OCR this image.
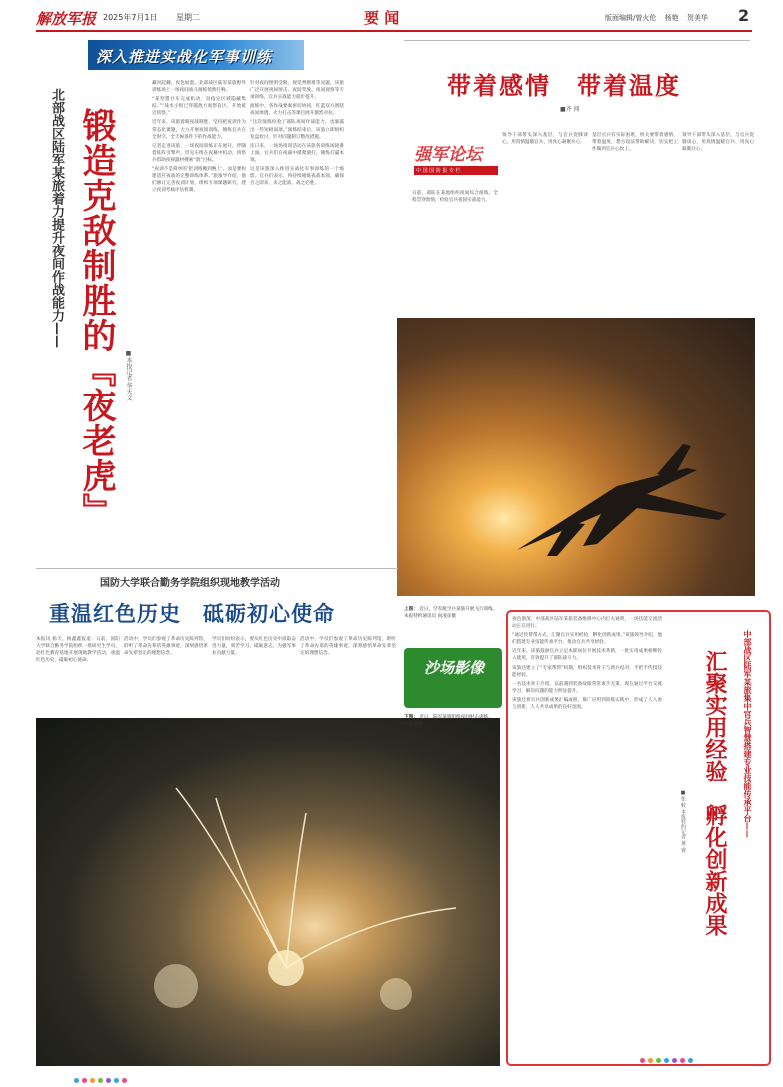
解放军报 2025年7月1日 星期二	要 闻	版面编辑/曾火伦 杨艳 贺美华 2
深入推进实战化军事训练
北部战区陆军某旅着力提升夜间作战能力—— 锻造克敌制胜的『夜老虎』 ■本报记者 华天义

藏风起棘，夜色如墨。北部战区陆军某旅野外训练场上一场夜间战斗演练悄然打响。

“某型猎兵车完成机动，向指定区域隐蔽集结。”“战术小组已穿越敌方观察盲区，开始抵近侦察。”

近年来，该旅着眼夜战制胜，坚持把夜训作为常态化课题，大力开展夜间训练，锤炼官兵在全时空、全天候条件下的作战能力。

记者走进该旅，一场夜间训练正在展开。伴随着阵阵引擎声，坦克车组在夜幕中机动，侦察兵借助夜视器材搜索“敌”目标。

“夜训不是简单的‘把训练搬到晚上’，而是要构建适应夜战的完整训练体系。”旅领导介绍，他们修订完善夜训计划，组织专项课题研究，建立夜训考核评估机制。

针对夜间照明受限、视觉判断难等问题，该旅广泛开展夜间射击、夜间驾驶、夜间观察等专项训练，官兵实战能力稳步提升。

演练中，各作战要素密切协同，红蓝双方围绕夜间渗透、火力打击等课目展开激烈对抗。

“这次演练检验了部队夜间作战能力，也暴露出一些短板弱项。”演练结束后，该旅立即组织复盘检讨，针对问题制订整改措施。

连日来，一场场夜训活动在该旅各训练场轮番上演。官兵们在夜幕中摸爬滚打，锤炼打赢本领。

这是该旅深入推进实战化军事训练的一个缩影。官兵们表示，将持续锤炼夜战本领，确保召之即来、来之能战、战之必胜。

带着感情　带着温度
■齐 闯
强军论坛
中 国 国 防 报 专 栏

日前，部队在某地组织夜间综合演练，全程贯穿敌情，检验官兵夜间实战能力。

领导干部带头深入基层，与官兵促膝谈心，用真情温暖官兵、用真心凝聚兵心。

基层官兵有实际困难，机关要带着感情、带着温度，想方设法帮助解决，切实把工作做到官兵心坎上。

领导干部带头深入基层，与官兵促膝谈心，用真情温暖官兵、用真心凝聚兵心。

国防大学联合勤务学院组织现地教学活动
重温红色历史　砥砺初心使命

本报讯 杨天、杨鑫鑫报道：日前，国防大学联合勤务学院组织一批研究生学员，赴红色教育基地开展现地教学活动，重温红色历史，砥砺初心使命。

活动中，学员们参观了革命历史陈列馆，聆听了革命先辈的英雄事迹，深刻感悟革命先辈坚定的理想信念。

学员们纷纷表示，要从红色历史中汲取奋进力量，刻苦学习、砥砺意志，为强军事业贡献力量。

活动中，学员们参观了革命历史陈列馆，聆听了革命先辈的英雄事迹，深刻感悟革命先辈坚定的理想信念。

上图： 近日，空军航空兵某旅开展飞行训练。
本报特约通讯员 尚凌彦摄
沙场影像
下图： 近日，陆军某旅组织夜间射击训练。
叶雷鑫摄

夜色渐深，中部战区陆军某旅装备维修中心内灯火通明，一场技能交流活动正在进行。

“通过传帮带方式，汇聚官兵实用经验，孵化创新成果。”该旅领导介绍，他们搭建专业技能传承平台，推动官兵共享经验。

近年来，该旅鼓励官兵立足本职岗位开展技术革新，一批实用成果相继投入使用，有效提升了部队战斗力。

该旅还建立了“专家帮带”机制，组织技术骨干与新兵结对，手把手传授技能经验。

一名技术骨干介绍，以前遇到装备故障常常束手无策，现在通过平台交流学习，解决问题的能力明显提升。

该旅还将官兵创新成果汇编成册，推广应用到训练实践中，形成了人人参与创新、人人共享成果的良好氛围。	中部战区陆军某旅集中官兵智慧搭建专业技能传承平台——
汇聚实用经验　孵化创新成果
■张 蛟 本报特约记者 黄 睿
